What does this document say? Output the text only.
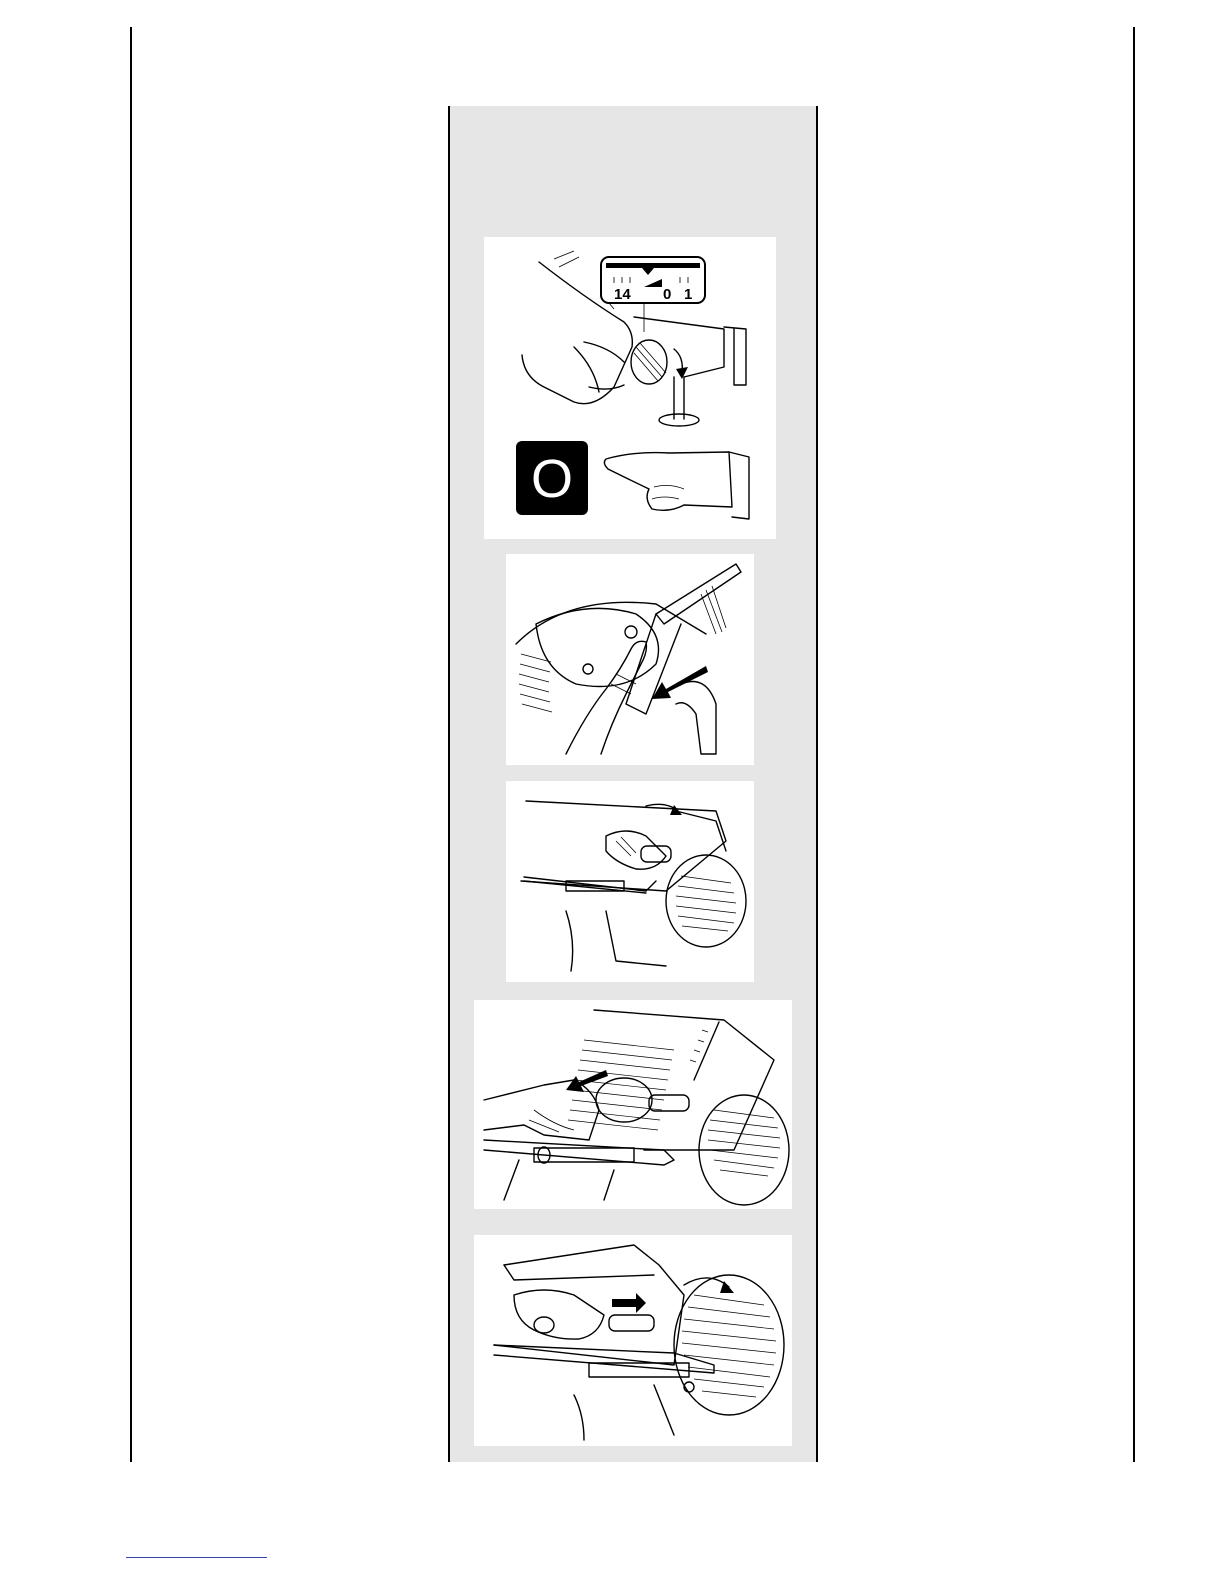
14 0 1
O
